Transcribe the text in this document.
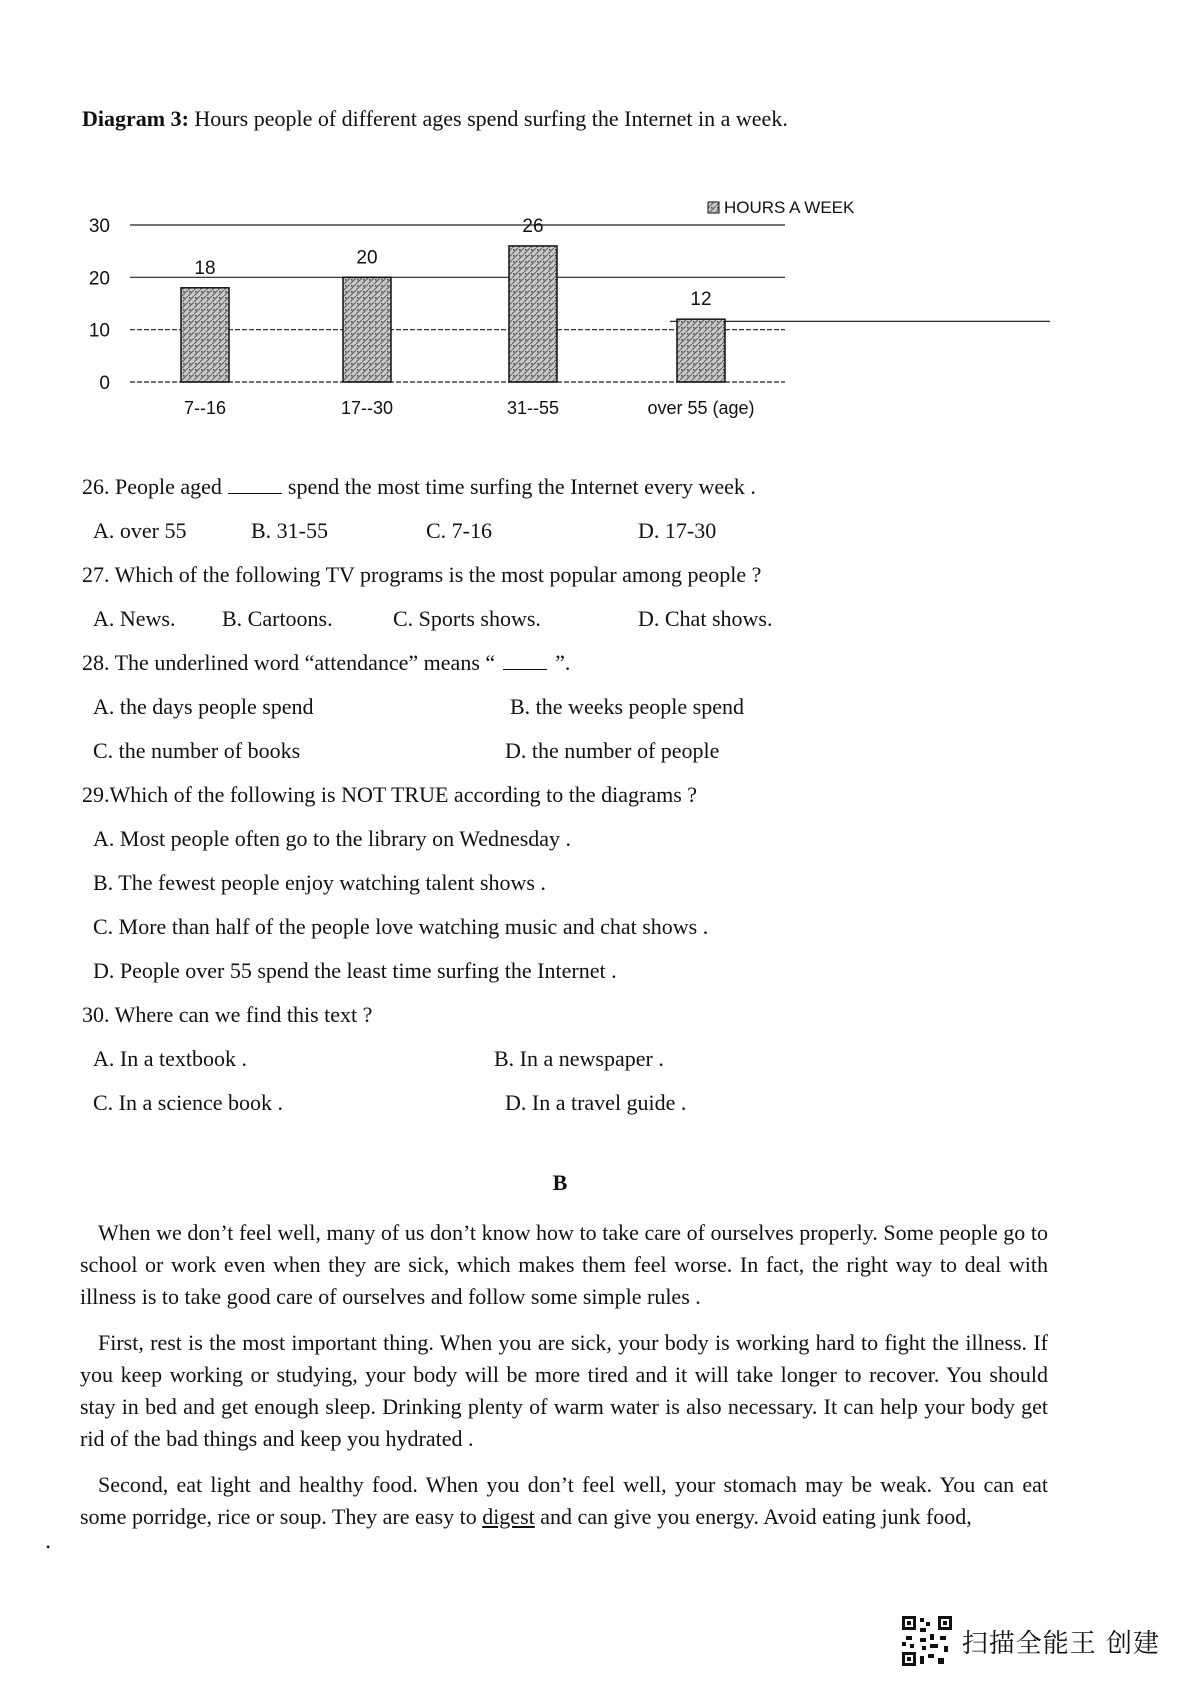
Diagram 3: Hours people of different ages spend surfing the Internet in a week.
0
10
20
30
HOURS A WEEK
18
7--16
20
17--30
26
31--55
12
over 55 (age)
26. People aged	spend the most time surfing the Internet every week .
A. over 55	B. 31-55	C. 7-16	D. 17-30
27. Which of the following TV programs is the most popular among people ?
A. News. B. Cartoons.	C. Sports shows.	D. Chat shows.
28. The underlined word “attendance” means “	”.
A. the days people spend	B. the weeks people spend
C. the number of books	D. the number of people
29.Which of the following is NOT TRUE according to the diagrams ?
A. Most people often go to the library on Wednesday .
B. The fewest people enjoy watching talent shows .
C. More than half of the people love watching music and chat shows .
D. People over 55 spend the least time surfing the Internet .
30. Where can we find this text ?
A. In a textbook .	B. In a newspaper .
C. In a science book .	D. In a travel guide .
B
When we don’t feel well, many of us don’t know how to take care of ourselves properly. Some people go to school or work even when they are sick, which makes them feel worse. In fact, the right way to deal with illness is to take good care of ourselves and follow some simple rules .
First, rest is the most important thing. When you are sick, your body is working hard to fight the illness. If you keep working or studying, your body will be more tired and it will take longer to recover. You should stay in bed and get enough sleep. Drinking plenty of warm water is also necessary. It can help your body get rid of the bad things and keep you hydrated .
Second, eat light and healthy food. When you don’t feel well, your stomach may be weak. You can eat some porridge, rice or soup. They are easy to digest and can give you energy. Avoid eating junk food,
•
扫描全能王 创建
